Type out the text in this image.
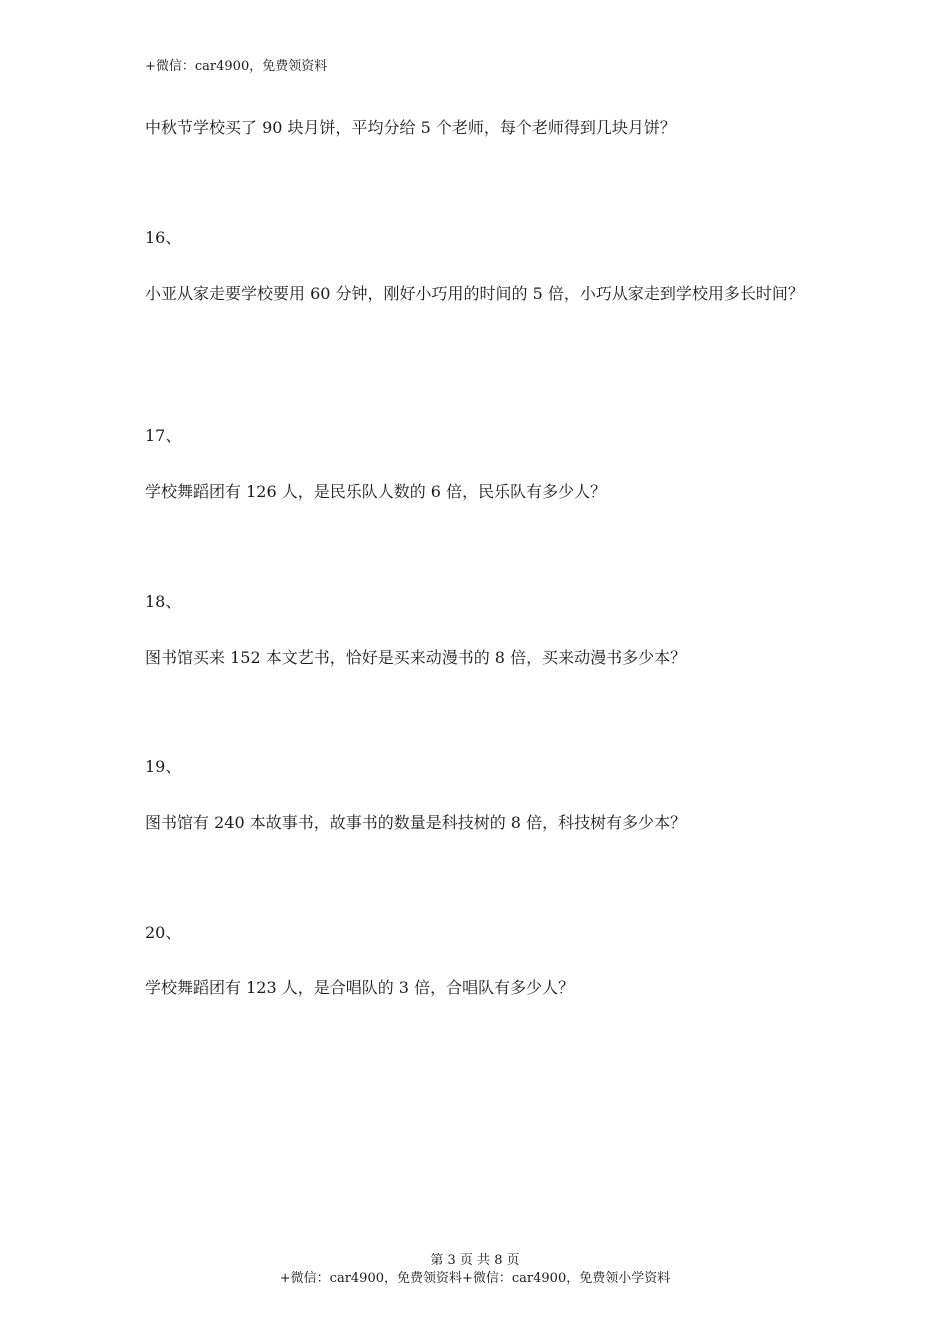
+微信：car4900，免费领资料
中秋节学校买了 90 块月饼，平均分给 5 个老师，每个老师得到几块月饼？
16、
小亚从家走要学校要用 60 分钟，刚好小巧用的时间的 5 倍，小巧从家走到学校用多长时间？
17、
学校舞蹈团有 126 人，是民乐队人数的 6 倍，民乐队有多少人？
18、
图书馆买来 152 本文艺书，恰好是买来动漫书的 8 倍，买来动漫书多少本？
19、
图书馆有 240 本故事书，故事书的数量是科技树的 8 倍，科技树有多少本？
20、
学校舞蹈团有 123 人，是合唱队的 3 倍，合唱队有多少人？
第 3 页 共 8 页
+微信：car4900，免费领资料+微信：car4900，免费领小学资料
